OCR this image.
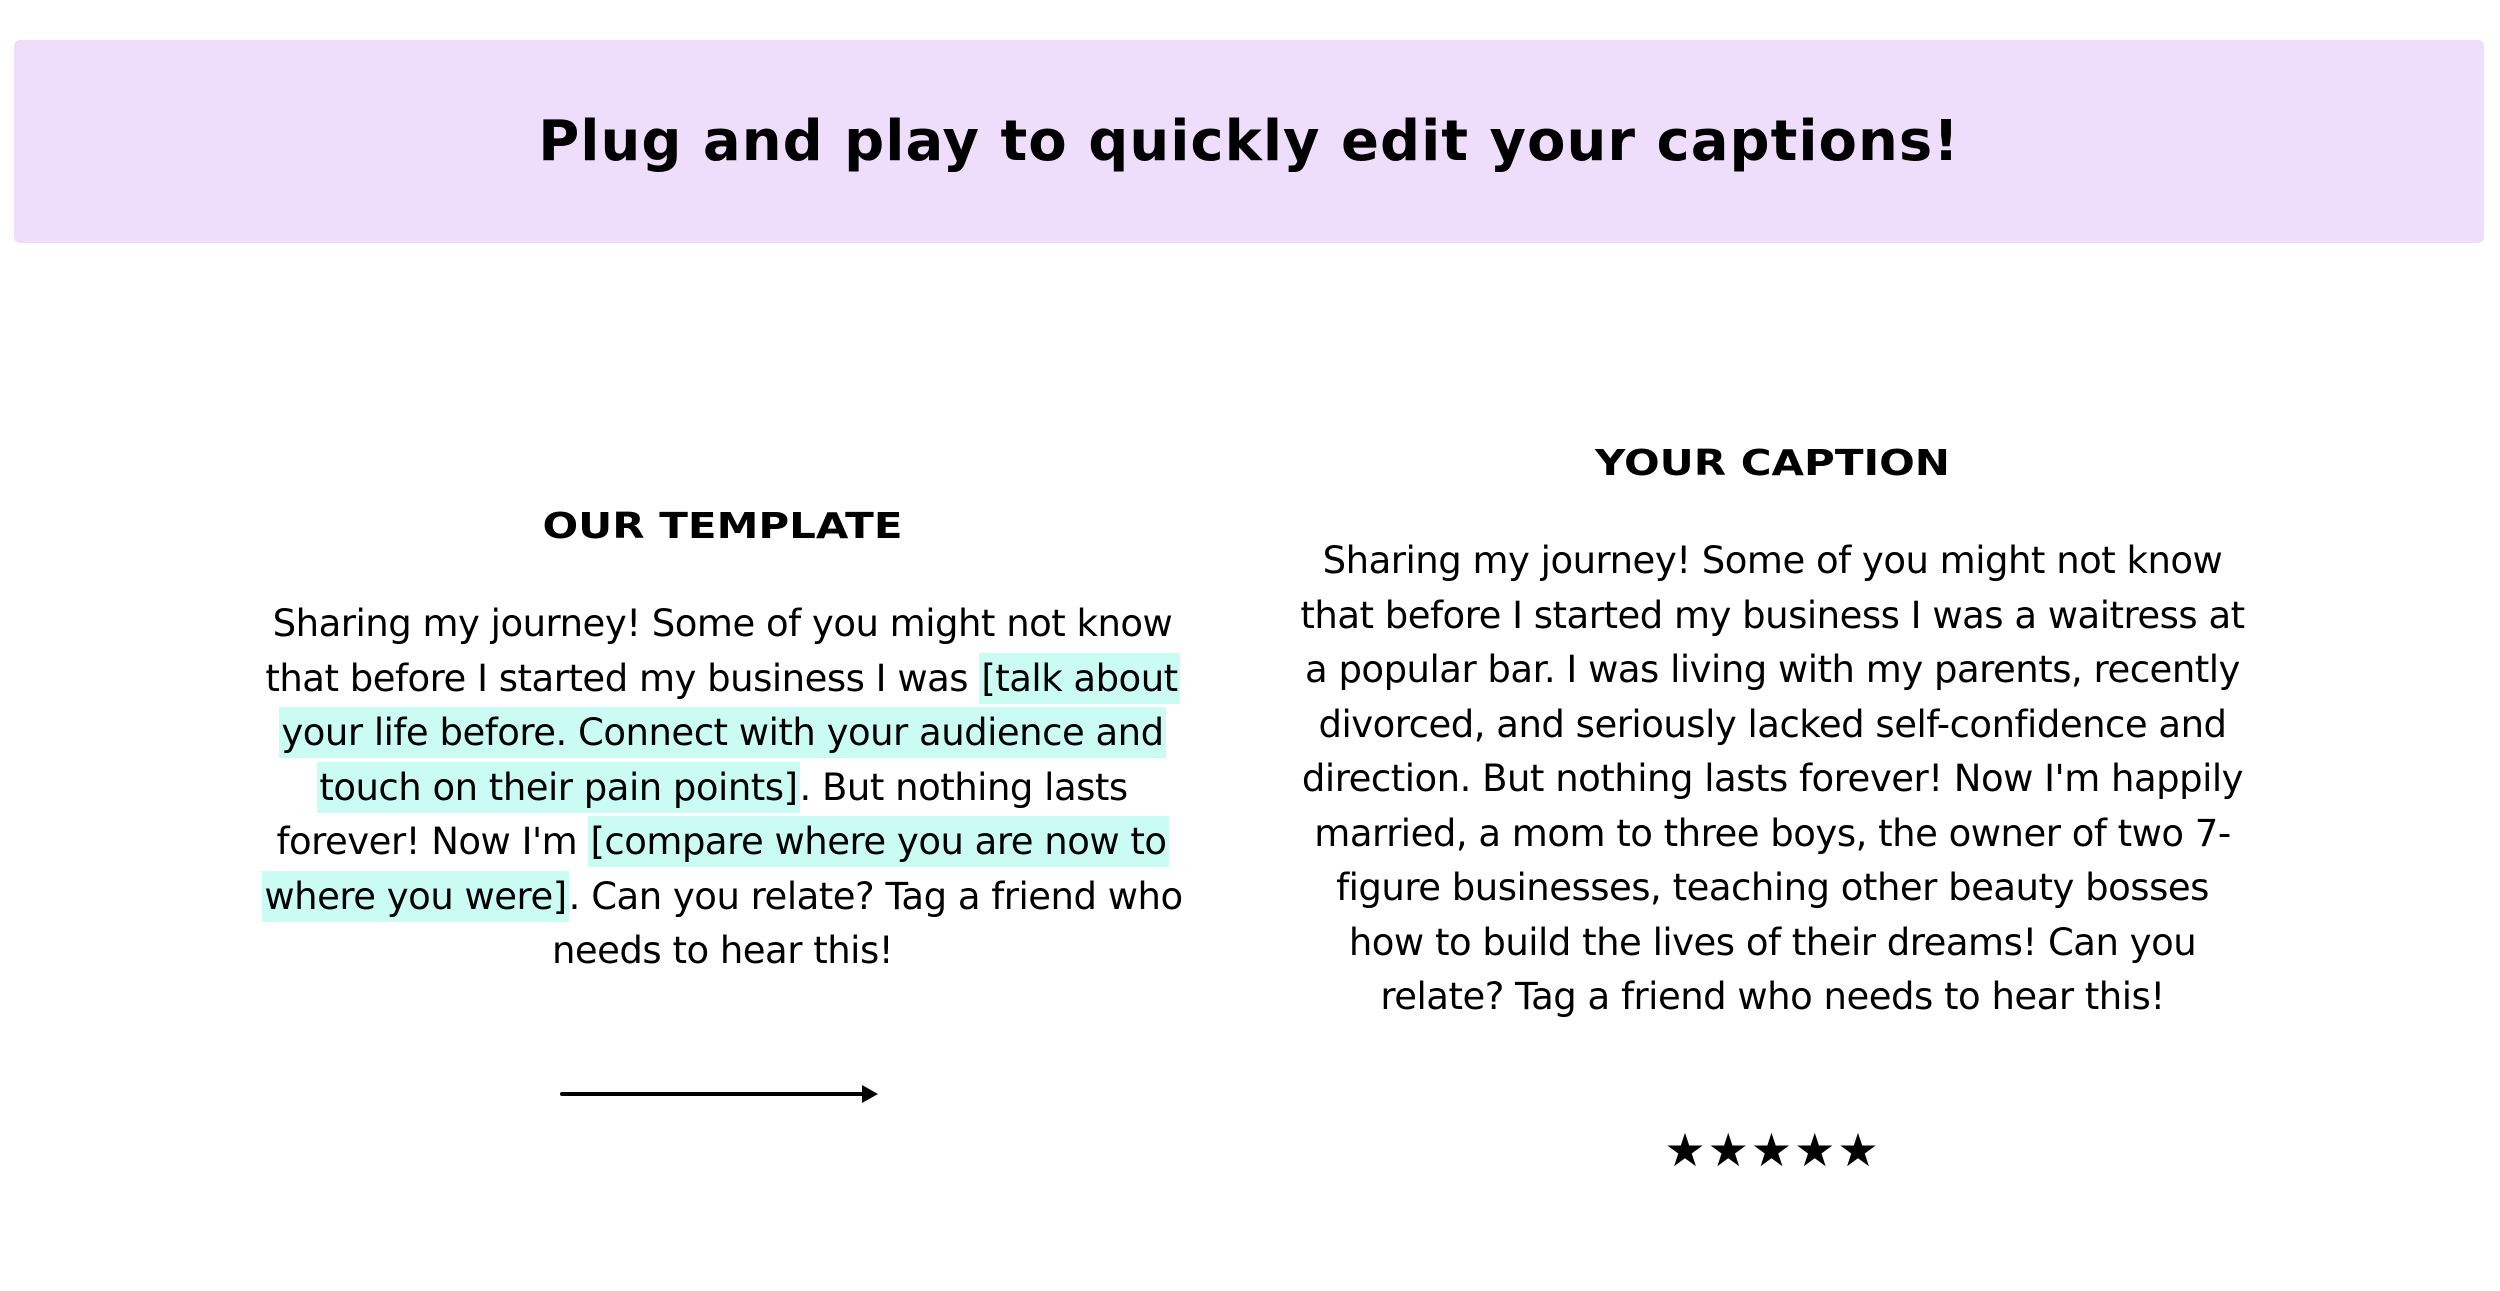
Plug and play to quickly edit your captions!
OUR TEMPLATE

Sharing my journey! Some of you might not know that before I started my business I was [talk about your life before. Connect with your audience and touch on their pain points]. But nothing lasts forever! Now I'm [compare where you are now to where you were]. Can you relate? Tag a friend who needs to hear this!

YOUR CAPTION

Sharing my journey! Some of you might not know that before I started my business I was a waitress at a popular bar. I was living with my parents, recently divorced, and seriously lacked self-confidence and direction. But nothing lasts forever! Now I'm happily married, a mom to three boys, the owner of two 7-figure businesses, teaching other beauty bosses how to build the lives of their dreams! Can you relate? Tag a friend who needs to hear this!

★★★★★
